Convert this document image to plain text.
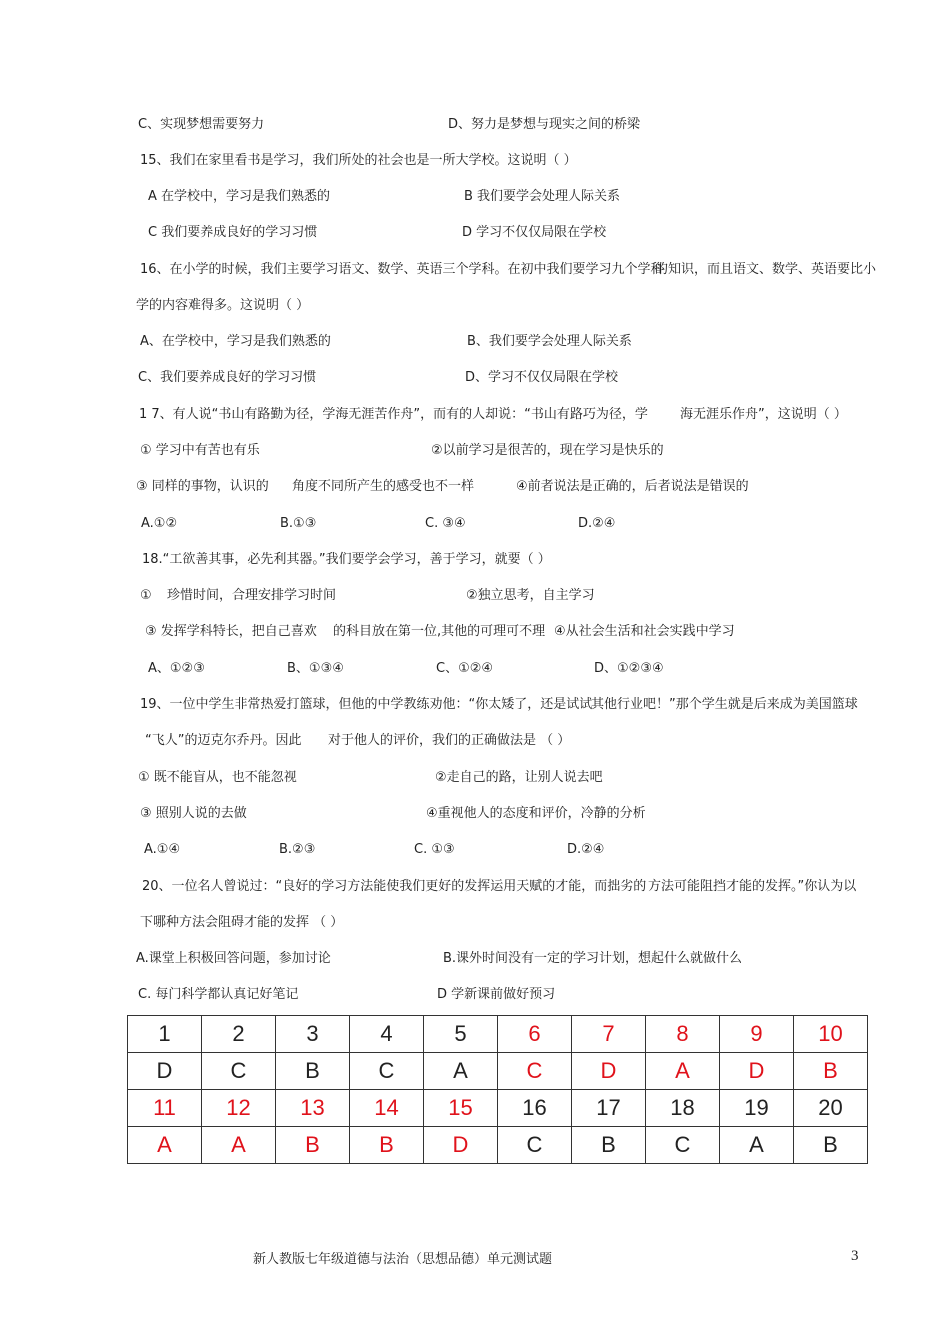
C、实现梦想需要努力	D、努力是梦想与现实之间的桥梁
15、我们在家里看书是学习，我们所处的社会也是一所大学校。这说明（ ）
A 在学校中，学习是我们熟悉的	B 我们要学会处理人际关系
C 我们要养成良好的学习习惯	D 学习不仅仅局限在学校
16、在小学的时候，我们主要学习语文、数学、英语三个学科。在初中我们要学习九个学科
的知识，而且语文、数学、英语要比小
学的内容难得多。这说明（ ）
A、在学校中，学习是我们熟悉的	B、我们要学会处理人际关系
C、我们要养成良好的学习习惯	D、学习不仅仅局限在学校
1 7、有人说“书山有路勤为径，学海无涯苦作舟”，而有的人却说：“书山有路巧为径，学 海无涯乐作舟”，这说明（ ）
① 学习中有苦也有乐	②以前学习是很苦的，现在学习是快乐的
③ 同样的事物，认识的 角度不同所产生的感受也不一样	④前者说法是正确的，后者说法是错误的
A.①②	B.①③	C. ③④	D.②④
18.“工欲善其事，必先利其器。”我们要学会学习，善于学习，就要（ ）
① 珍惜时间，合理安排学习时间	②独立思考，自主学习
③ 发挥学科特长，把自己喜欢 的科目放在第一位,其他的可理可不理 ④从社会生活和社会实践中学习
A、①②③	B、①③④	C、①②④	D、①②③④
19、一位中学生非常热爱打篮球，但他的中学教练劝他：“你太矮了，还是试试
其他行业吧！”那个学生就是后来成为美国篮球
“飞人”的迈克尔乔丹。因此 对于他人的评价，我们的正确做法是 （ ）
① 既不能盲从，也不能忽视	②走自己的路，让别人说去吧
③ 照别人说的去做	④重视他人的态度和评价，冷静的分析
A.①④	B.②③	C. ①③	D.②④
20、一位名人曾说过：“良好的学习方法能使我们更好的发挥运用天赋的才能，而拙劣的 方法可能阻挡才能的发挥。”你认为以
下哪种方法会阻碍才能的发挥 （ ）
A.课堂上积极回答问题，参加讨论	B.课外时间没有一定的学习计划，想起什么就做什么
C. 每门科学都认真记好笔记	D 学新课前做好预习
1	2	3	4	5	6	7	8	9	10
D	C	B	C	A	C	D	A	D	B
11	12	13	14	15	16	17	18	19	20
A	A	B	B	D	C	B	C	A	B
新人教版七年级道德与法治（思想品德）单元测试题	3
